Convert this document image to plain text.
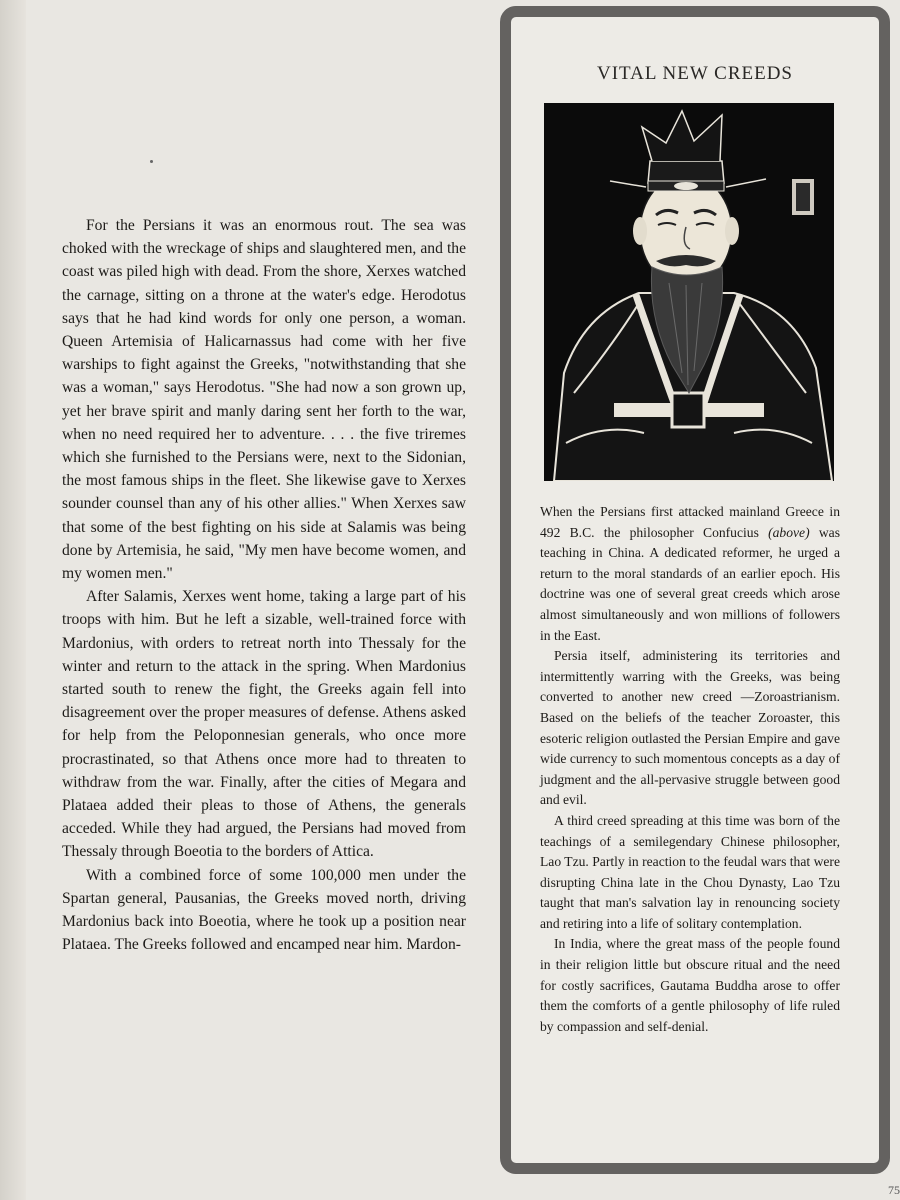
For the Persians it was an enormous rout. The sea was choked with the wreckage of ships and slaughtered men, and the coast was piled high with dead. From the shore, Xerxes watched the carnage, sitting on a throne at the water's edge. Herodotus says that he had kind words for only one person, a woman. Queen Artemisia of Halicarnassus had come with her five warships to fight against the Greeks, "notwithstanding that she was a woman," says Herodotus. "She had now a son grown up, yet her brave spirit and manly daring sent her forth to the war, when no need required her to adventure. . . . the five triremes which she furnished to the Persians were, next to the Sidonian, the most famous ships in the fleet. She likewise gave to Xerxes sounder counsel than any of his other allies." When Xerxes saw that some of the best fighting on his side at Salamis was being done by Artemisia, he said, "My men have become women, and my women men."

After Salamis, Xerxes went home, taking a large part of his troops with him. But he left a sizable, well-trained force with Mardonius, with orders to retreat north into Thessaly for the winter and return to the attack in the spring. When Mardonius started south to renew the fight, the Greeks again fell into disagreement over the proper measures of defense. Athens asked for help from the Peloponnesian generals, who once more procrastinated, so that Athens once more had to threaten to withdraw from the war. Finally, after the cities of Megara and Plataea added their pleas to those of Athens, the generals acceded. While they had argued, the Persians had moved from Thessaly through Boeotia to the borders of Attica.

With a combined force of some 100,000 men under the Spartan general, Pausanias, the Greeks moved north, driving Mardonius back into Boeotia, where he took up a position near Plataea. The Greeks followed and encamped near him. Mardon-

VITAL NEW CREEDS

When the Persians first attacked mainland Greece in 492 B.C. the philosopher Confucius (above) was teaching in China. A dedicated reformer, he urged a return to the moral standards of an earlier epoch. His doctrine was one of several great creeds which arose almost simultaneously and won millions of followers in the East.

Persia itself, administering its territories and intermittently warring with the Greeks, was being converted to another new creed —Zoroastrianism. Based on the beliefs of the teacher Zoroaster, this esoteric religion outlasted the Persian Empire and gave wide currency to such momentous concepts as a day of judgment and the all-pervasive struggle between good and evil.

A third creed spreading at this time was born of the teachings of a semilegendary Chinese philosopher, Lao Tzu. Partly in reaction to the feudal wars that were disrupting China late in the Chou Dynasty, Lao Tzu taught that man's salvation lay in renouncing society and retiring into a life of solitary contemplation.

In India, where the great mass of the people found in their religion little but obscure ritual and the need for costly sacrifices, Gautama Buddha arose to offer them the comforts of a gentle philosophy of life ruled by compassion and self-denial.

75
